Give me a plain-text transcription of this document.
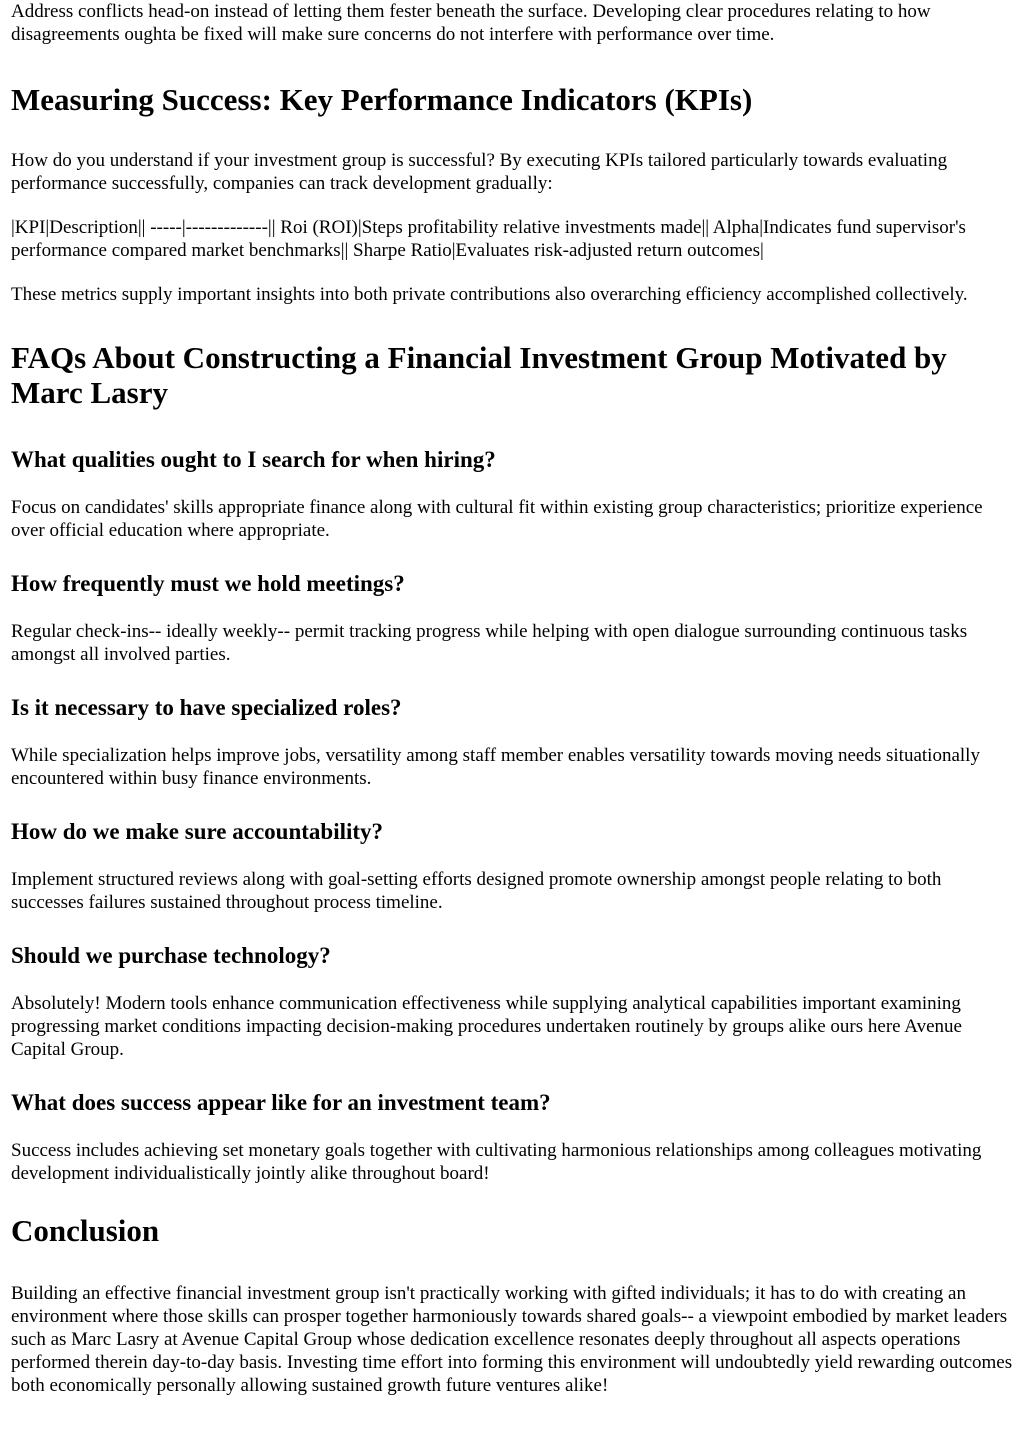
Address conflicts head-on instead of letting them fester beneath the surface. Developing clear procedures relating to how disagreements oughta be fixed will make sure concerns do not interfere with performance over time.

Measuring Success: Key Performance Indicators (KPIs)

How do you understand if your investment group is successful? By executing KPIs tailored particularly towards evaluating performance successfully, companies can track development gradually:

|KPI|Description|| -----|-------------|| Roi (ROI)|Steps profitability relative investments made|| Alpha|Indicates fund supervisor's performance compared market benchmarks|| Sharpe Ratio|Evaluates risk-adjusted return outcomes|

These metrics supply important insights into both private contributions also overarching efficiency accomplished collectively.

FAQs About Constructing a Financial Investment Group Motivated by Marc Lasry
What qualities ought to I search for when hiring?

Focus on candidates' skills appropriate finance along with cultural fit within existing group characteristics; prioritize experience over official education where appropriate.

How frequently must we hold meetings?

Regular check-ins-- ideally weekly-- permit tracking progress while helping with open dialogue surrounding continuous tasks amongst all involved parties.

Is it necessary to have specialized roles?

While specialization helps improve jobs, versatility among staff member enables versatility towards moving needs situationally encountered within busy finance environments.

How do we make sure accountability?

Implement structured reviews along with goal-setting efforts designed promote ownership amongst people relating to both successes failures sustained throughout process timeline.

Should we purchase technology?

Absolutely! Modern tools enhance communication effectiveness while supplying analytical capabilities important examining progressing market conditions impacting decision-making procedures undertaken routinely by groups alike ours here Avenue Capital Group.

What does success appear like for an investment team?

Success includes achieving set monetary goals together with cultivating harmonious relationships among colleagues motivating development individualistically jointly alike throughout board!

Conclusion

Building an effective financial investment group isn't practically working with gifted individuals; it has to do with creating an environment where those skills can prosper together harmoniously towards shared goals-- a viewpoint embodied by market leaders such as Marc Lasry at Avenue Capital Group whose dedication excellence resonates deeply throughout all aspects operations performed therein day-to-day basis. Investing time effort into forming this environment will undoubtedly yield rewarding outcomes both economically personally allowing sustained growth future ventures alike!
